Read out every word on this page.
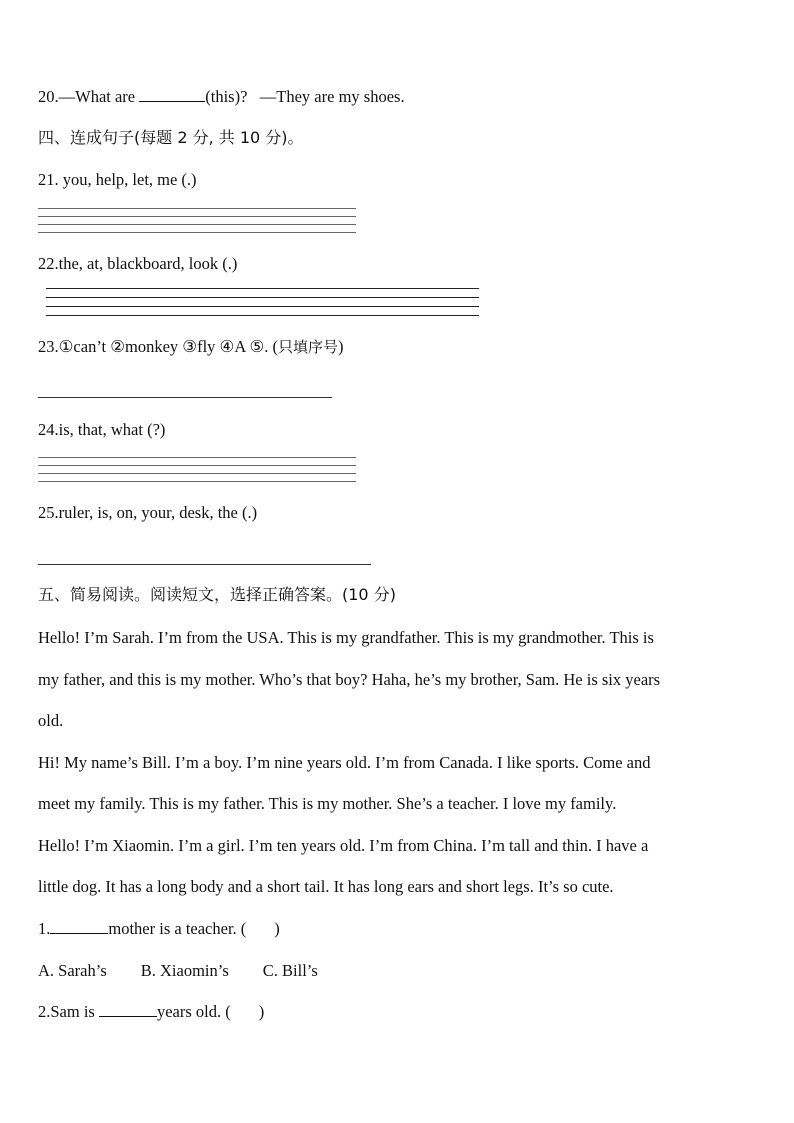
20.—What are	(this)? —They are my shoes.
四、连成句子(每题 2 分, 共 10 分)。
21. you, help, let, me (.)
22.the, at, blackboard, look (.)
23.①can’t ②monkey ③fly ④A ⑤. (只填序号)
24.is, that, what (?)
25.ruler, is, on, your, desk, the (.)
五、简易阅读。阅读短文，选择正确答案。(10 分)
Hello! I’m Sarah. I’m from the USA. This is my grandfather. This is my grandmother. This is
my father, and this is my mother. Who’s that boy? Haha, he’s my brother, Sam. He is six years
old.
Hi! My name’s Bill. I’m a boy. I’m nine years old. I’m from Canada. I like sports. Come and
meet my family. This is my father. This is my mother. She’s a teacher. I love my family.
Hello! I’m Xiaomin. I’m a girl. I’m ten years old. I’m from China. I’m tall and thin. I have a
little dog. It has a long body and a short tail. It has long ears and short legs. It’s so cute.
1.	mother is a teacher. ( )
A. Sarah’s B. Xiaomin’s C. Bill’s
2.Sam is	years old. ( )
